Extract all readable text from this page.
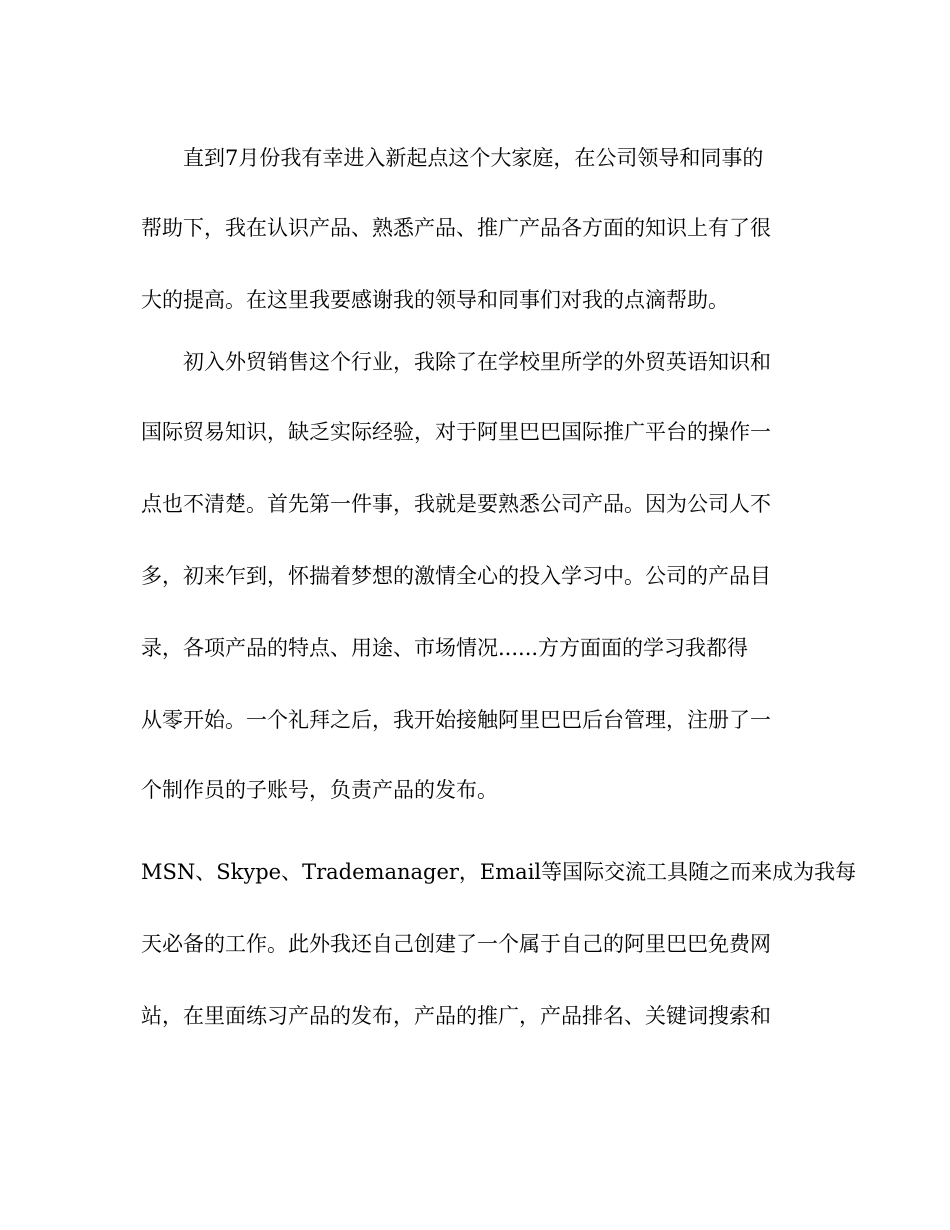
直到7月份我有幸进入新起点这个大家庭，在公司领导和同事的
帮助下，我在认识产品、熟悉产品、推广产品各方面的知识上有了很
大的提高。在这里我要感谢我的领导和同事们对我的点滴帮助。
初入外贸销售这个行业，我除了在学校里所学的外贸英语知识和
国际贸易知识，缺乏实际经验，对于阿里巴巴国际推广平台的操作一
点也不清楚。首先第一件事，我就是要熟悉公司产品。因为公司人不
多，初来乍到，怀揣着梦想的激情全心的投入学习中。公司的产品目
录，各项产品的特点、用途、市场情况......方方面面的学习我都得
从零开始。一个礼拜之后，我开始接触阿里巴巴后台管理，注册了一
个制作员的子账号，负责产品的发布。
MSN、Skype、Trademanager，Email等国际交流工具随之而来成为我每
天必备的工作。此外我还自己创建了一个属于自己的阿里巴巴免费网
站，在里面练习产品的发布，产品的推广，产品排名、关键词搜索和
